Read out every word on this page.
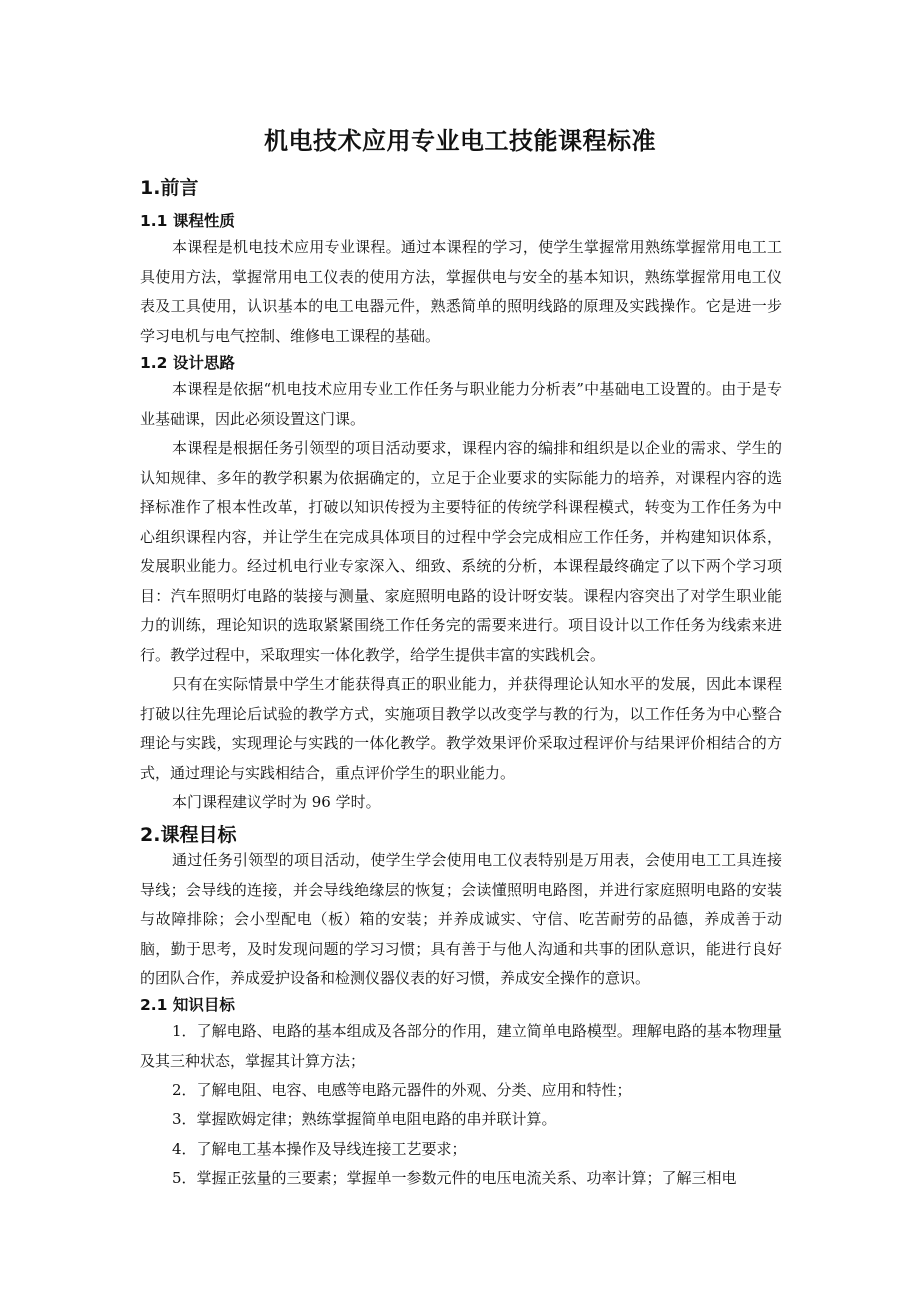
机电技术应用专业电工技能课程标准
1.前言
1.1 课程性质

本课程是机电技术应用专业课程。通过本课程的学习，使学生掌握常用熟练掌握常用电工工具使用方法，掌握常用电工仪表的使用方法，掌握供电与安全的基本知识，熟练掌握常用电工仪表及工具使用，认识基本的电工电器元件，熟悉简单的照明线路的原理及实践操作。它是进一步学习电机与电气控制、维修电工课程的基础。

1.2 设计思路

本课程是依据“机电技术应用专业工作任务与职业能力分析表”中基础电工设置的。由于是专业基础课，因此必须设置这门课。

本课程是根据任务引领型的项目活动要求，课程内容的编排和组织是以企业的需求、学生的认知规律、多年的教学积累为依据确定的，立足于企业要求的实际能力的培养，对课程内容的选择标准作了根本性改革，打破以知识传授为主要特征的传统学科课程模式，转变为工作任务为中心组织课程内容，并让学生在完成具体项目的过程中学会完成相应工作任务，并构建知识体系，发展职业能力。经过机电行业专家深入、细致、系统的分析，本课程最终确定了以下两个学习项目：汽车照明灯电路的装接与测量、家庭照明电路的设计呀安装。课程内容突出了对学生职业能力的训练，理论知识的选取紧紧围绕工作任务完的需要来进行。项目设计以工作任务为线索来进行。教学过程中，采取理实一体化教学，给学生提供丰富的实践机会。

只有在实际情景中学生才能获得真正的职业能力，并获得理论认知水平的发展，因此本课程打破以往先理论后试验的教学方式，实施项目教学以改变学与教的行为，以工作任务为中心整合理论与实践，实现理论与实践的一体化教学。教学效果评价采取过程评价与结果评价相结合的方式，通过理论与实践相结合，重点评价学生的职业能力。

本门课程建议学时为 96 学时。

2.课程目标

通过任务引领型的项目活动，使学生学会使用电工仪表特别是万用表，会使用电工工具连接导线；会导线的连接，并会导线绝缘层的恢复；会读懂照明电路图，并进行家庭照明电路的安装与故障排除；会小型配电（板）箱的安装；并养成诚实、守信、吃苦耐劳的品德，养成善于动脑，勤于思考，及时发现问题的学习习惯；具有善于与他人沟通和共事的团队意识，能进行良好的团队合作，养成爱护设备和检测仪器仪表的好习惯，养成安全操作的意识。

2.1 知识目标

1．了解电路、电路的基本组成及各部分的作用，建立简单电路模型。理解电路的基本物理量及其三种状态，掌握其计算方法；

2．了解电阻、电容、电感等电路元器件的外观、分类、应用和特性；

3．掌握欧姆定律；熟练掌握简单电阻电路的串并联计算。

4．了解电工基本操作及导线连接工艺要求；

5．掌握正弦量的三要素；掌握单一参数元件的电压电流关系、功率计算；了解三相电
